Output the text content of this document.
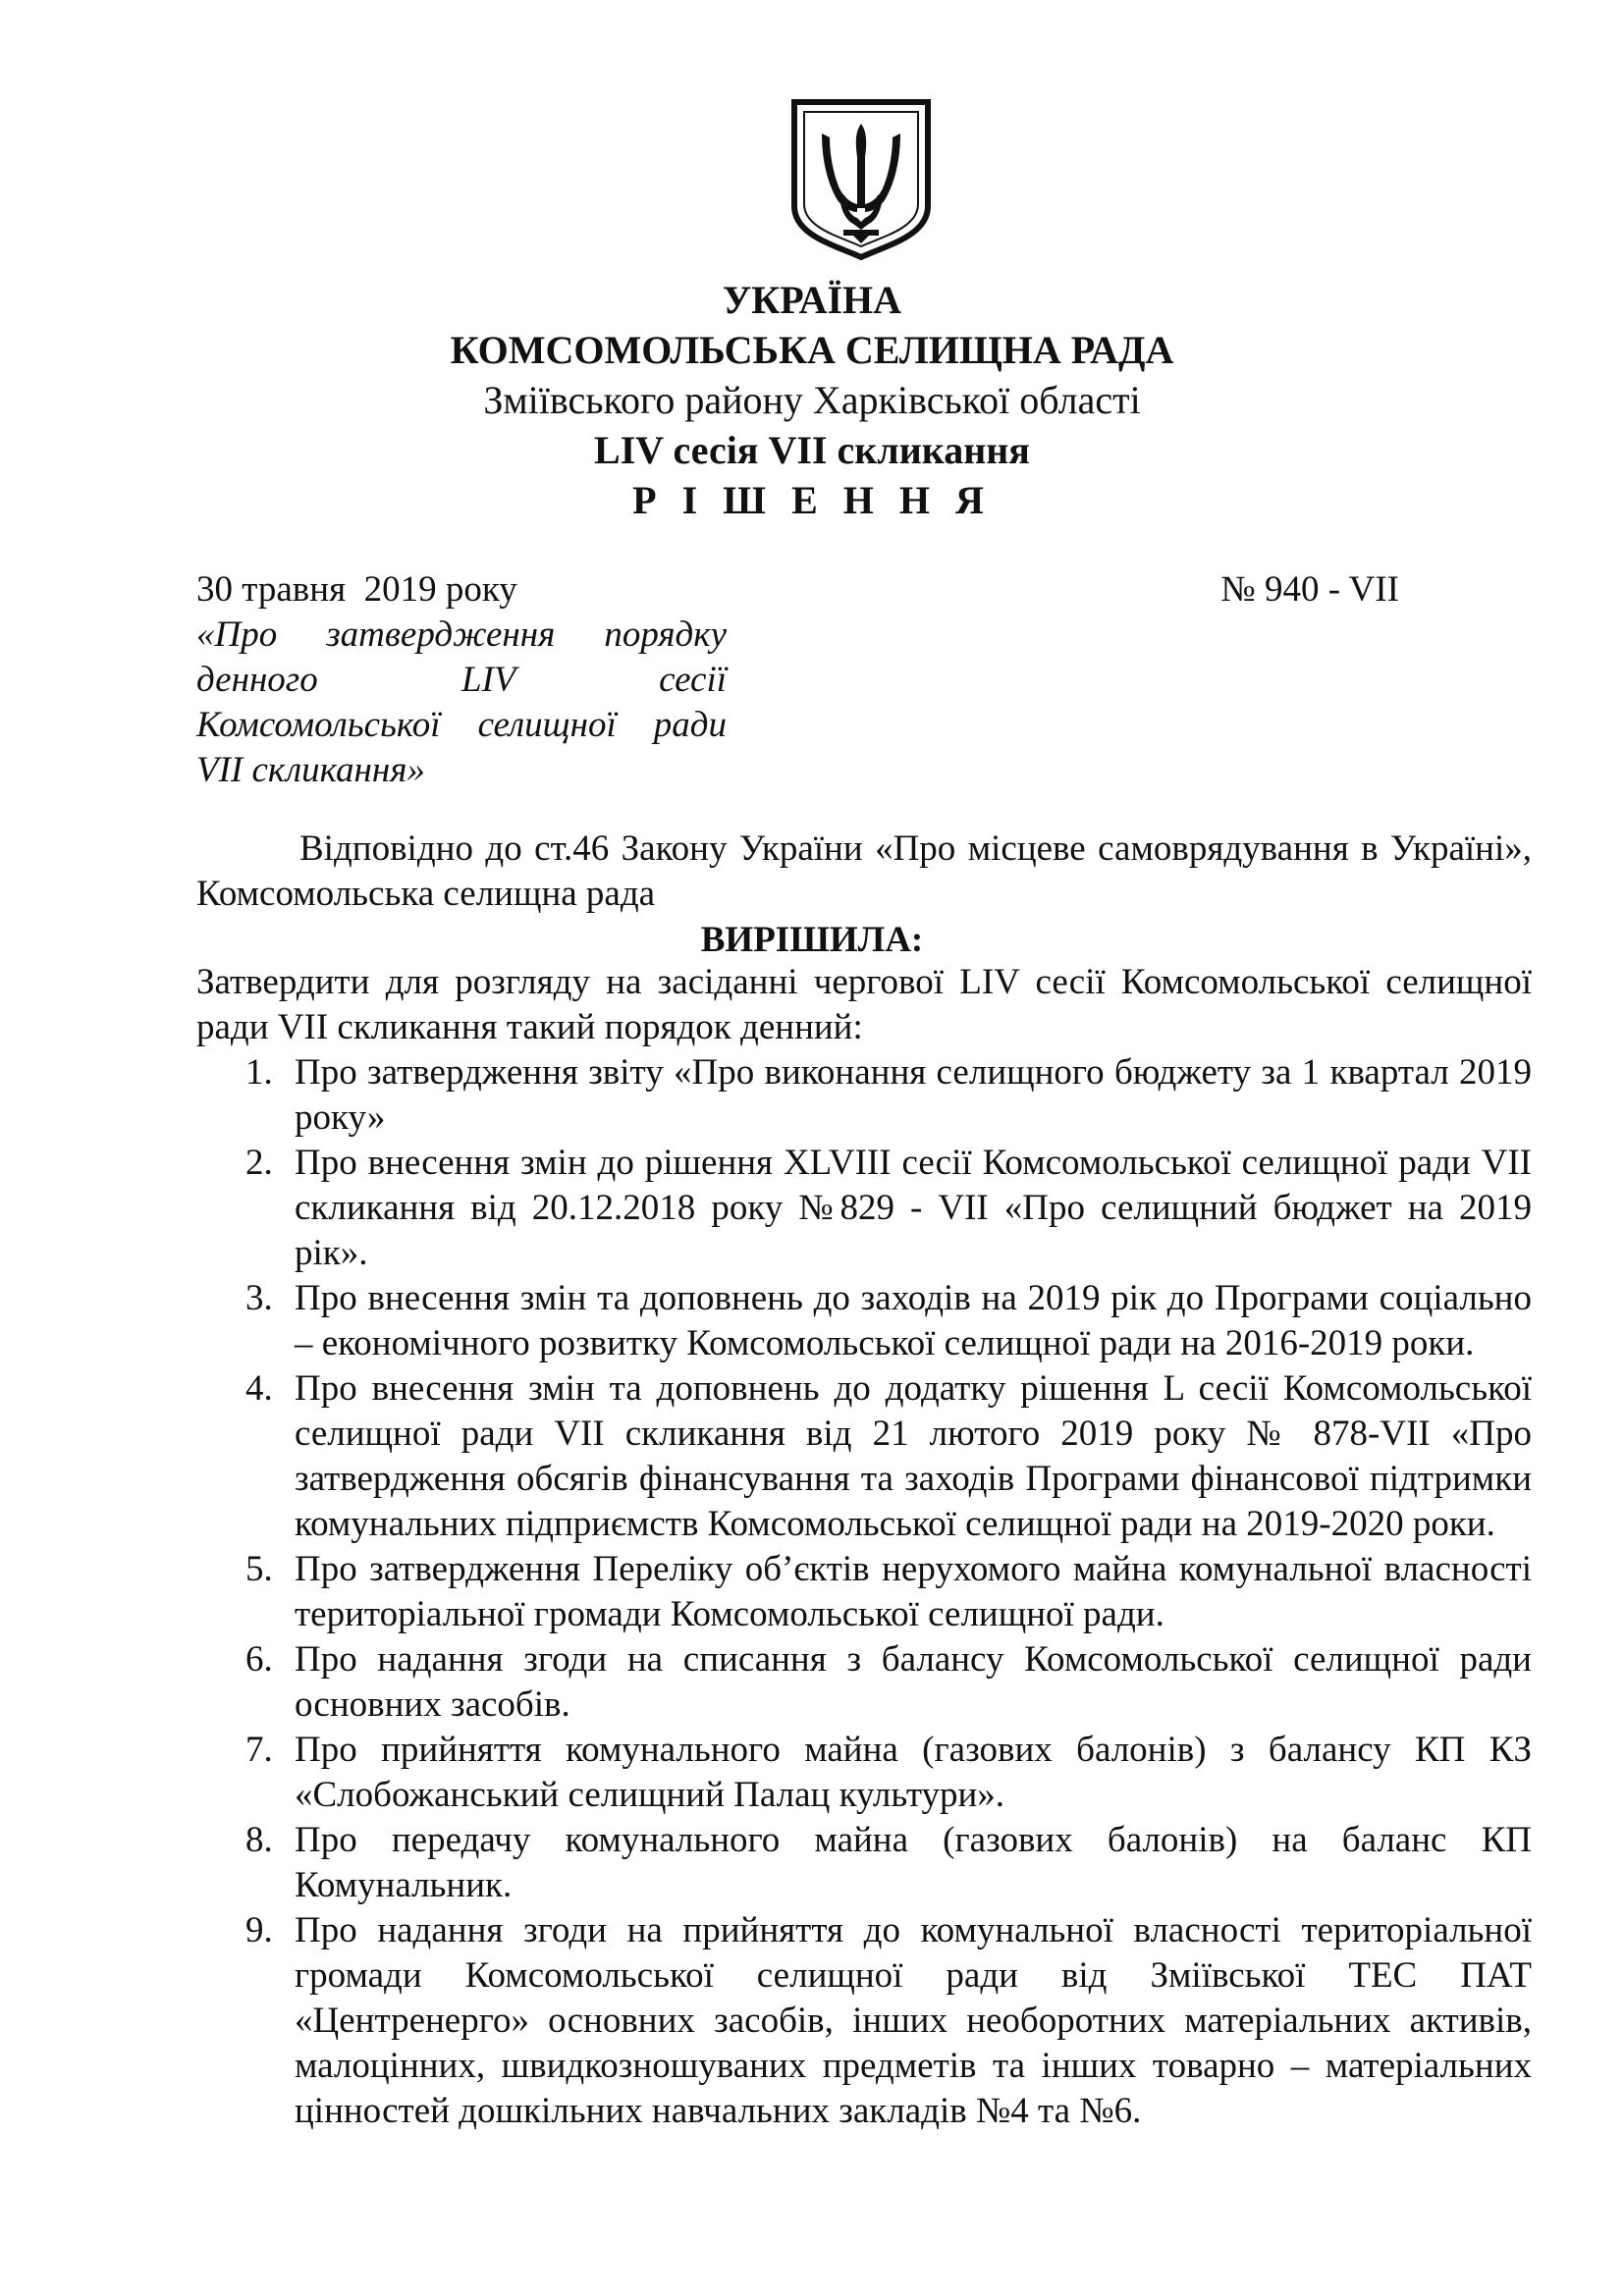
УКРАЇНА
КОМСОМОЛЬСЬКА СЕЛИЩНА РАДА
Зміївського району Харківської області
LIV сесія VII скликання
Р І Ш Е Н Н Я
30 травня  2019 року	№ 940 - VII
«Про затвердження порядку
денного LIV сесії
Комсомольської селищної ради
VII скликання»
Відповідно до ст.46 Закону України «Про місцеве самоврядування в Україні», Комсомольська селищна рада
ВИРІШИЛА:
Затвердити для розгляду на засіданні чергової LIV сесії Комсомольської селищної ради VII скликання такий порядок денний:
1. Про затвердження звіту «Про виконання селищного бюджету за 1 квартал 2019 року»
2. Про внесення змін до рішення XLVIII сесії Комсомольської селищної ради VII скликання від 20.12.2018 року №829 - VII «Про селищний бюджет на 2019 рік».
3. Про внесення змін та доповнень до заходів на 2019 рік до Програми соціально – економічного розвитку Комсомольської селищної ради на 2016-2019 роки.
4. Про внесення змін та доповнень до додатку рішення L сесії Комсомольської селищної ради VII скликання від 21 лютого 2019 року № 878-VII «Про затвердження обсягів фінансування та заходів Програми фінансової підтримки комунальних підприємств Комсомольської селищної ради на 2019-2020 роки.
5. Про затвердження Переліку об’єктів нерухомого майна комунальної власності територіальної громади Комсомольської селищної ради.
6. Про надання згоди на списання з балансу Комсомольської селищної ради основних засобів.
7. Про прийняття комунального майна (газових балонів) з балансу КП КЗ «Слобожанський селищний Палац культури».
8. Про передачу комунального майна (газових балонів) на баланс КП Комунальник.
9. Про надання згоди на прийняття до комунальної власності територіальної громади Комсомольської селищної ради від Зміївської ТЕС ПАТ «Центренерго» основних засобів, інших необоротних матеріальних активів, малоцінних, швидкозношуваних предметів та інших товарно – матеріальних цінностей дошкільних навчальних закладів №4 та №6.
